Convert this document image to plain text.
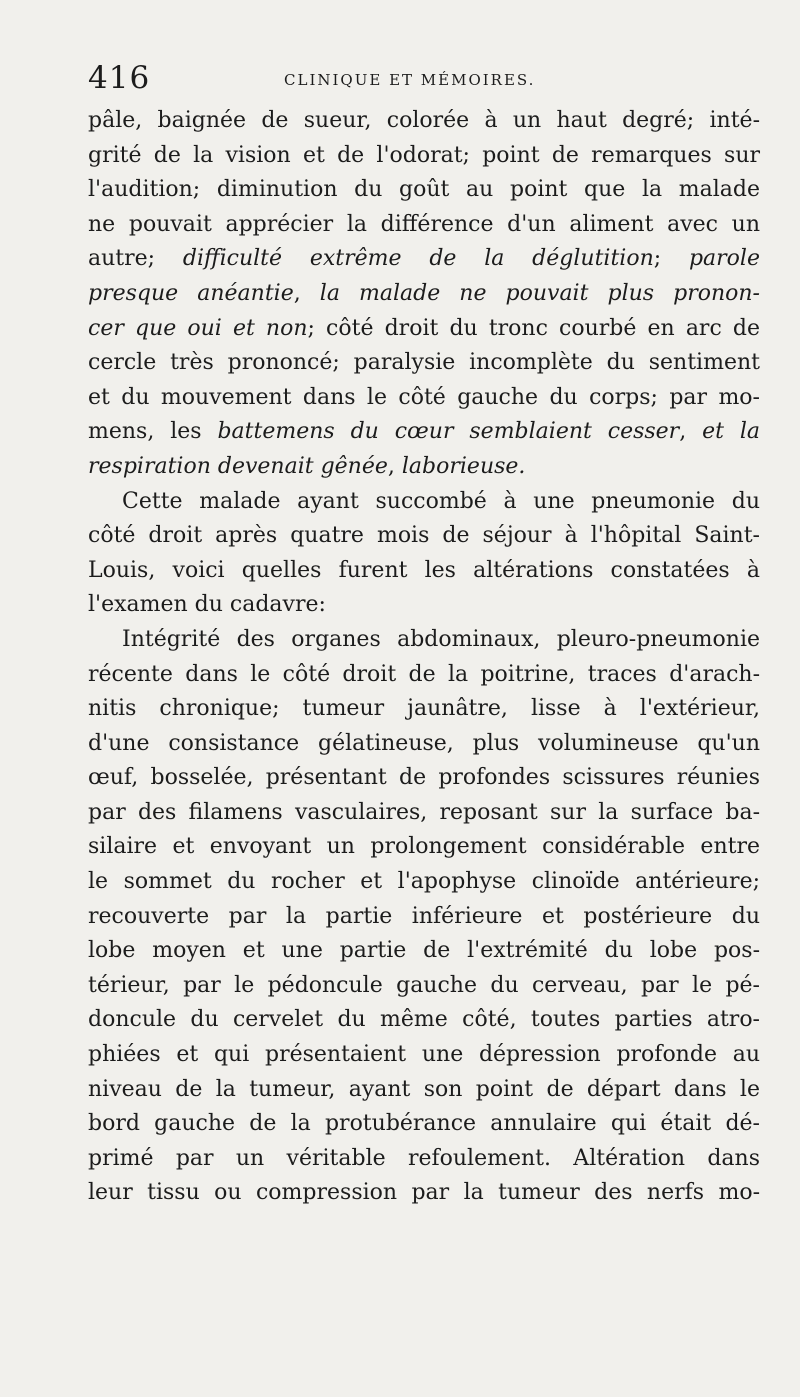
416	CLINIQUE ET MÉMOIRES.
pâle, baignée de sueur, colorée à un haut degré; inté-
grité de la vision et de l'odorat; point de remarques sur
l'audition; diminution du goût au point que la malade
ne pouvait apprécier la différence d'un aliment avec un
autre; difficulté extrême de la déglutition; parole
presque anéantie, la malade ne pouvait plus pronon-
cer que oui et non; côté droit du tronc courbé en arc de
cercle très prononcé; paralysie incomplète du sentiment
et du mouvement dans le côté gauche du corps; par mo-
mens, les battemens du cœur semblaient cesser, et la
respiration devenait gênée, laborieuse.
Cette malade ayant succombé à une pneumonie du
côté droit après quatre mois de séjour à l'hôpital Saint-
Louis, voici quelles furent les altérations constatées à
l'examen du cadavre:
Intégrité des organes abdominaux, pleuro-pneumonie
récente dans le côté droit de la poitrine, traces d'arach-
nitis chronique; tumeur jaunâtre, lisse à l'extérieur,
d'une consistance gélatineuse, plus volumineuse qu'un
œuf, bosselée, présentant de profondes scissures réunies
par des filamens vasculaires, reposant sur la surface ba-
silaire et envoyant un prolongement considérable entre
le sommet du rocher et l'apophyse clinoïde antérieure;
recouverte par la partie inférieure et postérieure du
lobe moyen et une partie de l'extrémité du lobe pos-
térieur, par le pédoncule gauche du cerveau, par le pé-
doncule du cervelet du même côté, toutes parties atro-
phiées et qui présentaient une dépression profonde au
niveau de la tumeur, ayant son point de départ dans le
bord gauche de la protubérance annulaire qui était dé-
primé par un véritable refoulement. Altération dans
leur tissu ou compression par la tumeur des nerfs mo-
